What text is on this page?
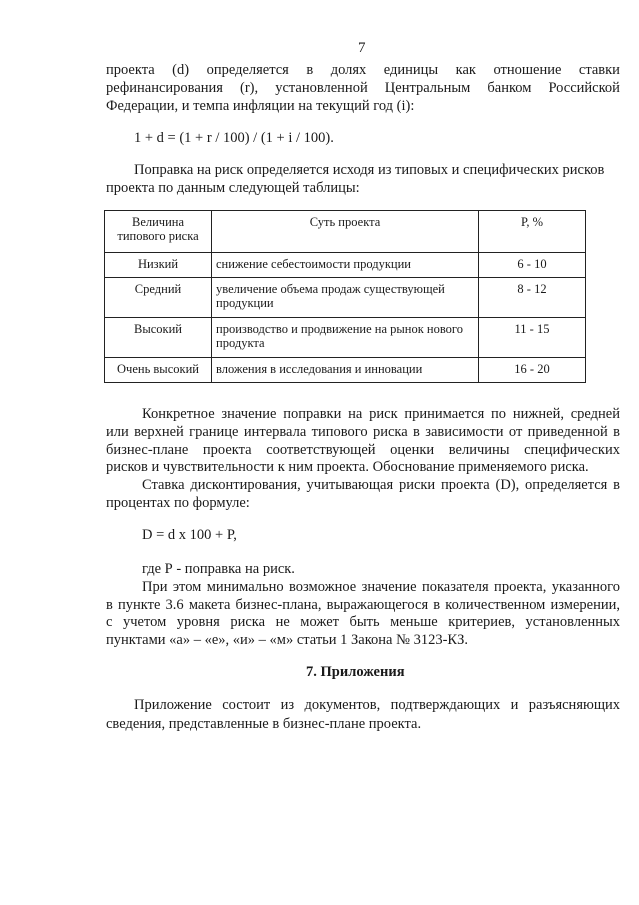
7
проекта (d) определяется в долях единицы как отношение ставки
рефинансирования (r), установленной Центральным банком Российской
Федерации, и темпа инфляции на текущий год (i):
1 + d = (1 + r / 100) / (1 + i / 100).
Поправка на риск определяется исходя из типовых и специфических рисков
проекта по данным следующей таблицы:
Величина типового риска	Суть проекта	Р, %
Низкий	снижение себестоимости продукции	6 - 10
Средний	увеличение объема продаж существующей продукции	8 - 12
Высокий	производство и продвижение на рынок нового продукта	11 - 15
Очень высокий	вложения в исследования и инновации	16 - 20
Конкретное значение поправки на риск принимается по нижней, средней
или верхней границе интервала типового риска в зависимости от приведенной в
бизнес-плане проекта соответствующей оценки величины специфических
рисков и чувствительности к ним проекта. Обоснование применяемого риска.
Ставка дисконтирования, учитывающая риски проекта (D), определяется в
процентах по формуле:
D = d x 100 + P,
где Р - поправка на риск.
При этом минимально возможное значение показателя проекта, указанного
в пункте 3.6 макета бизнес-плана, выражающегося в количественном измерении,
с учетом уровня риска не может быть меньше критериев, установленных
пунктами «а» – «е», «и» – «м» статьи 1 Закона № 3123-КЗ.
7. Приложения
Приложение состоит из документов, подтверждающих и разъясняющих
сведения, представленные в бизнес-плане проекта.
